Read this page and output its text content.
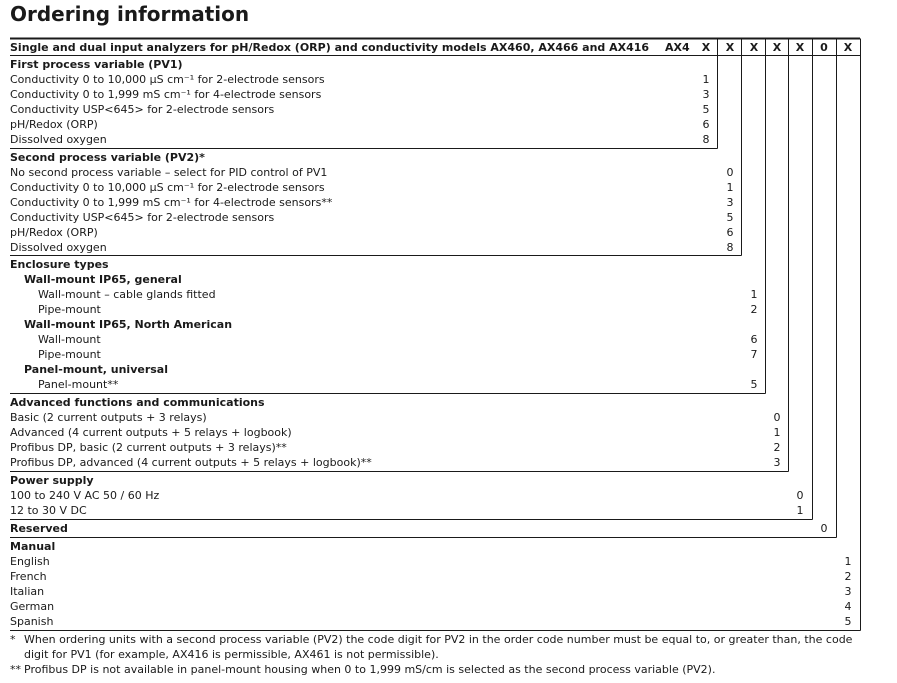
Ordering information
Single and dual input analyzers for pH/Redox (ORP) and conductivity models AX460, AX466 and AX416 AX4	X	X	X	X	X	0	X
First process variable (PV1)
Conductivity 0 to 10,000 µS cm⁻¹ for 2-electrode sensors	1
Conductivity 0 to 1,999 mS cm⁻¹ for 4-electrode sensors	3
Conductivity USP<645> for 2-electrode sensors	5
pH/Redox (ORP)	6
Dissolved oxygen	8
Second process variable (PV2)*
No second process variable – select for PID control of PV1	0
Conductivity 0 to 10,000 µS cm⁻¹ for 2-electrode sensors	1
Conductivity 0 to 1,999 mS cm⁻¹ for 4-electrode sensors**	3
Conductivity USP<645> for 2-electrode sensors	5
pH/Redox (ORP)	6
Dissolved oxygen	8
Enclosure types
Wall-mount IP65, general
Wall-mount – cable glands fitted	1
Pipe-mount	2
Wall-mount IP65, North American
Wall-mount	6
Pipe-mount	7
Panel-mount, universal
Panel-mount**	5
Advanced functions and communications
Basic (2 current outputs + 3 relays)	0
Advanced (4 current outputs + 5 relays + logbook)	1
Profibus DP, basic (2 current outputs + 3 relays)**	2
Profibus DP, advanced (4 current outputs + 5 relays + logbook)**	3
Power supply
100 to 240 V AC 50 / 60 Hz	0
12 to 30 V DC	1
Reserved	0
Manual
English	1
French	2
Italian	3
German	4
Spanish	5
* When ordering units with a second process variable (PV2) the code digit for PV2 in the order code number must be equal to, or greater than, the code
digit for PV1 (for example, AX416 is permissible, AX461 is not permissible).
** Profibus DP is not available in panel-mount housing when 0 to 1,999 mS/cm is selected as the second process variable (PV2).
